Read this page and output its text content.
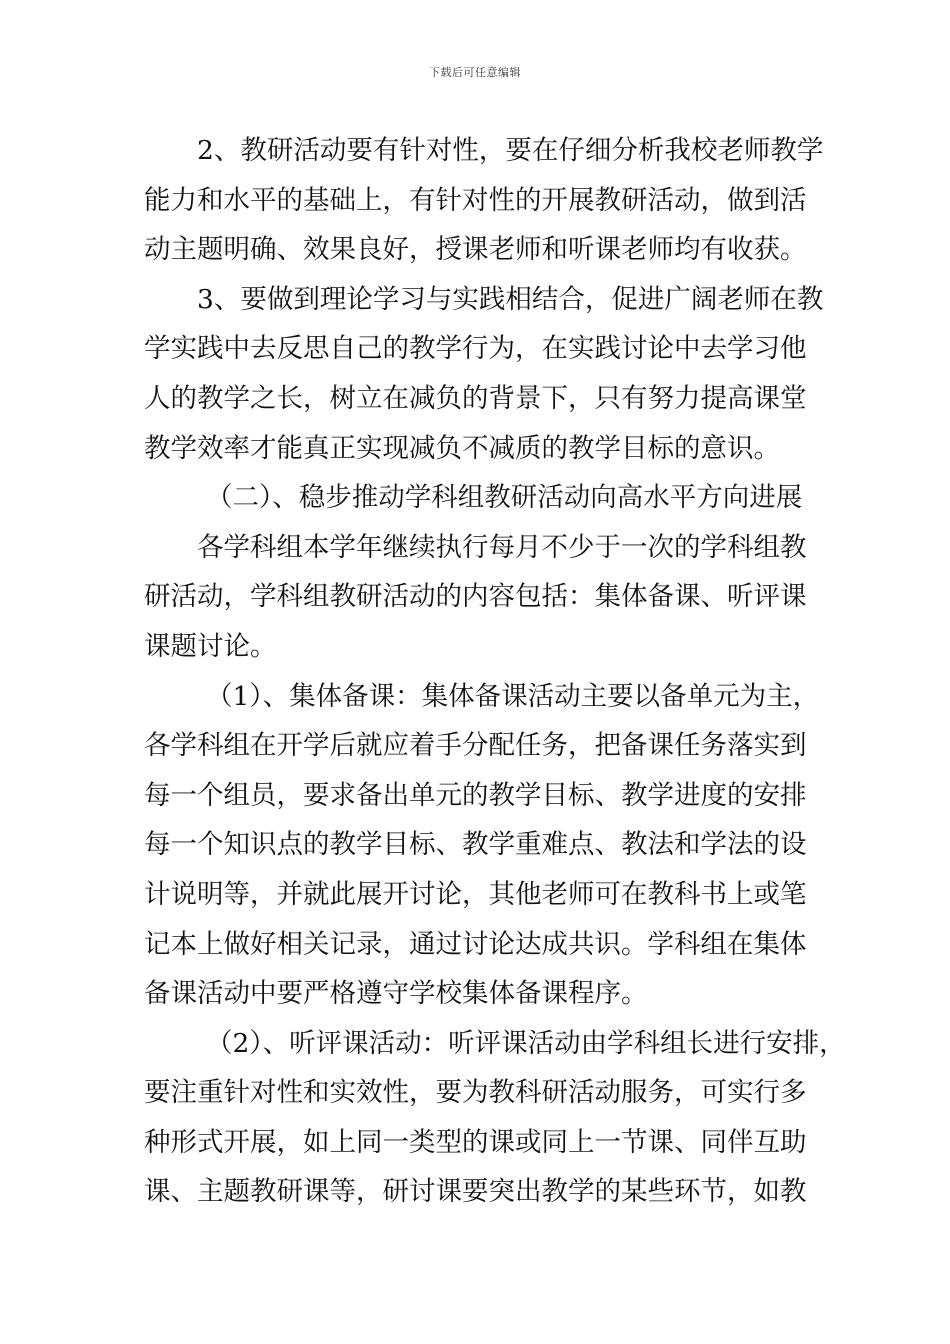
下载后可任意编辑
2、教研活动要有针对性，要在仔细分析我校老师教学
能力和水平的基础上，有针对性的开展教研活动，做到活
动主题明确、效果良好，授课老师和听课老师均有收获。
3、要做到理论学习与实践相结合，促进广阔老师在教
学实践中去反思自己的教学行为，在实践讨论中去学习他
人的教学之长，树立在减负的背景下，只有努力提高课堂
教学效率才能真正实现减负不减质的教学目标的意识。
（二）、稳步推动学科组教研活动向高水平方向进展
各学科组本学年继续执行每月不少于一次的学科组教
研活动，学科组教研活动的内容包括：集体备课、听评课
课题讨论。
（1）、集体备课：集体备课活动主要以备单元为主，
各学科组在开学后就应着手分配任务，把备课任务落实到
每一个组员，要求备出单元的教学目标、教学进度的安排
每一个知识点的教学目标、教学重难点、教法和学法的设
计说明等，并就此展开讨论，其他老师可在教科书上或笔
记本上做好相关记录，通过讨论达成共识。学科组在集体
备课活动中要严格遵守学校集体备课程序。
（2）、听评课活动：听评课活动由学科组长进行安排，
要注重针对性和实效性，要为教科研活动服务，可实行多
种形式开展，如上同一类型的课或同上一节课、同伴互助
课、主题教研课等，研讨课要突出教学的某些环节，如教
